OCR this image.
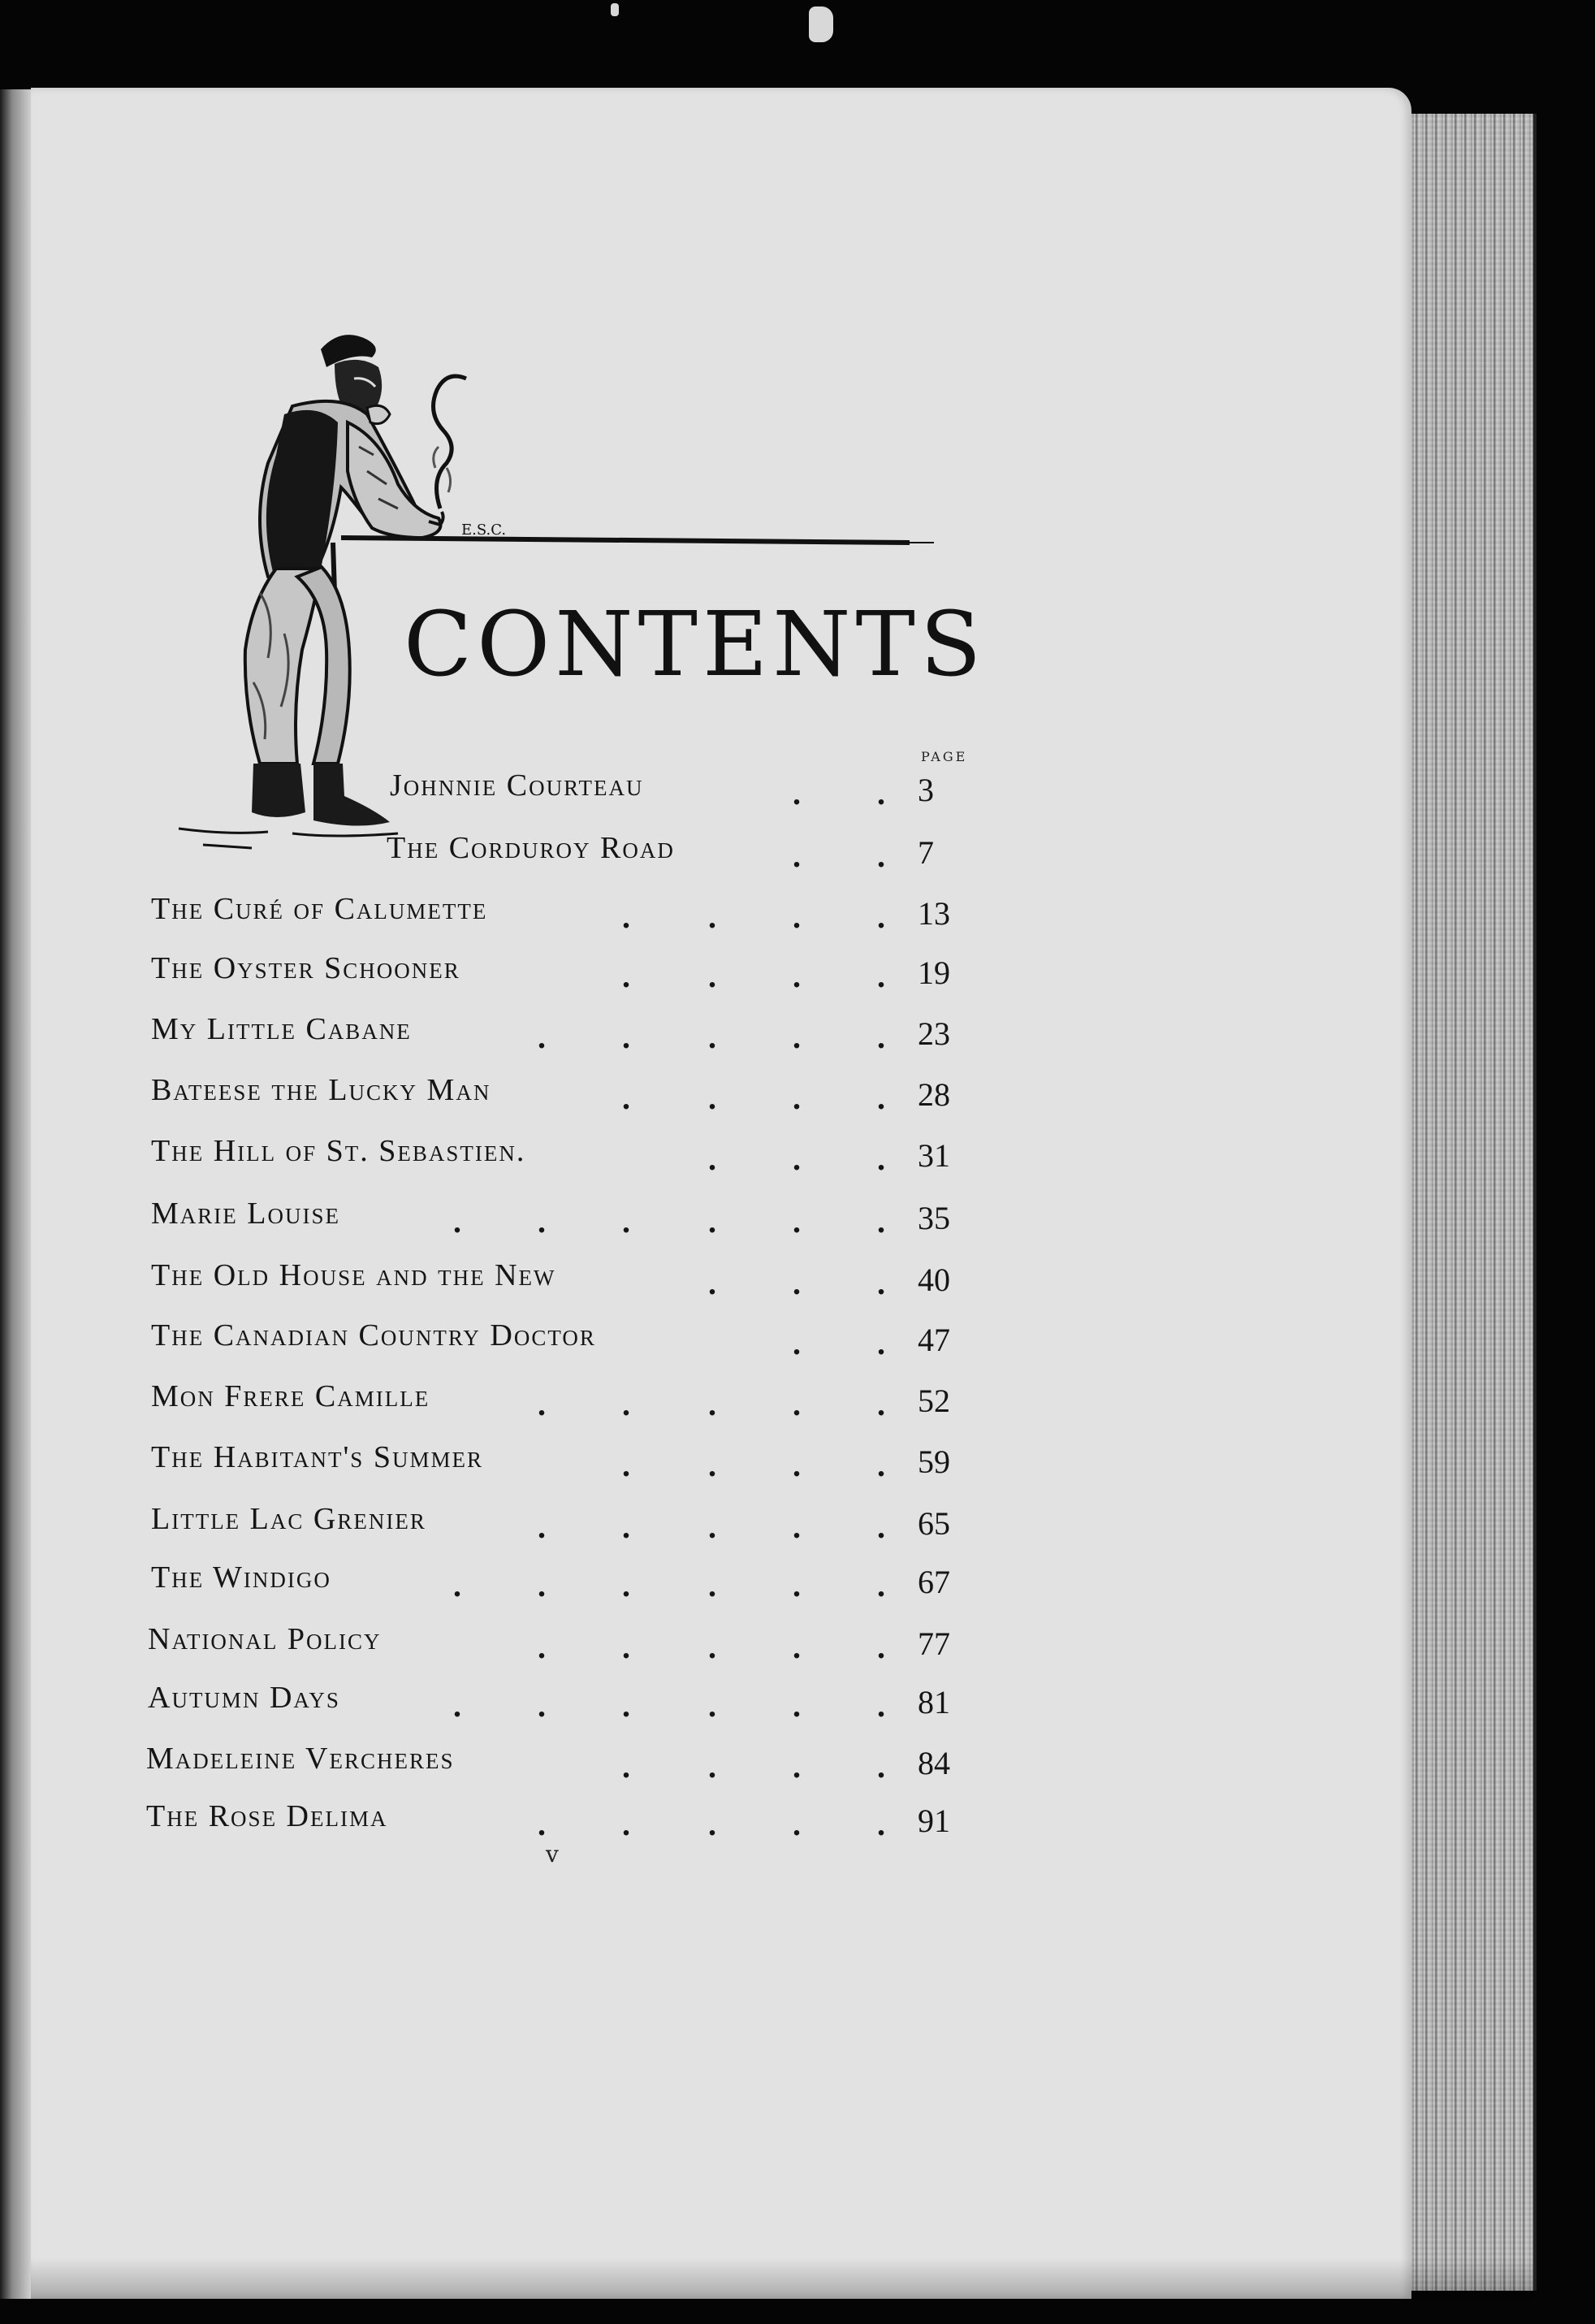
E.S.C.
CONTENTS
PAGE
Johnnie Courteau	. . 3
The Corduroy Road	. . 7
The Curé of Calumette	. . . . 13
The Oyster Schooner	. . . . 19
My Little Cabane	. . . . . 23
Bateese the Lucky Man	. . . . 28
The Hill of St. Sebastien.	. . . 31
Marie Louise	. . . . . . 35
The Old House and the New	. . . 40
The Canadian Country Doctor	. . 47
Mon Frere Camille	. . . . . 52
The Habitant's Summer	. . . . 59
Little Lac Grenier	. . . . . 65
The Windigo	. . . . . . 67
National Policy	. . . . . 77
Autumn Days	. . . . . . 81
Madeleine Vercheres	. . . . 84
The Rose Delima	. . . . . 91
v
